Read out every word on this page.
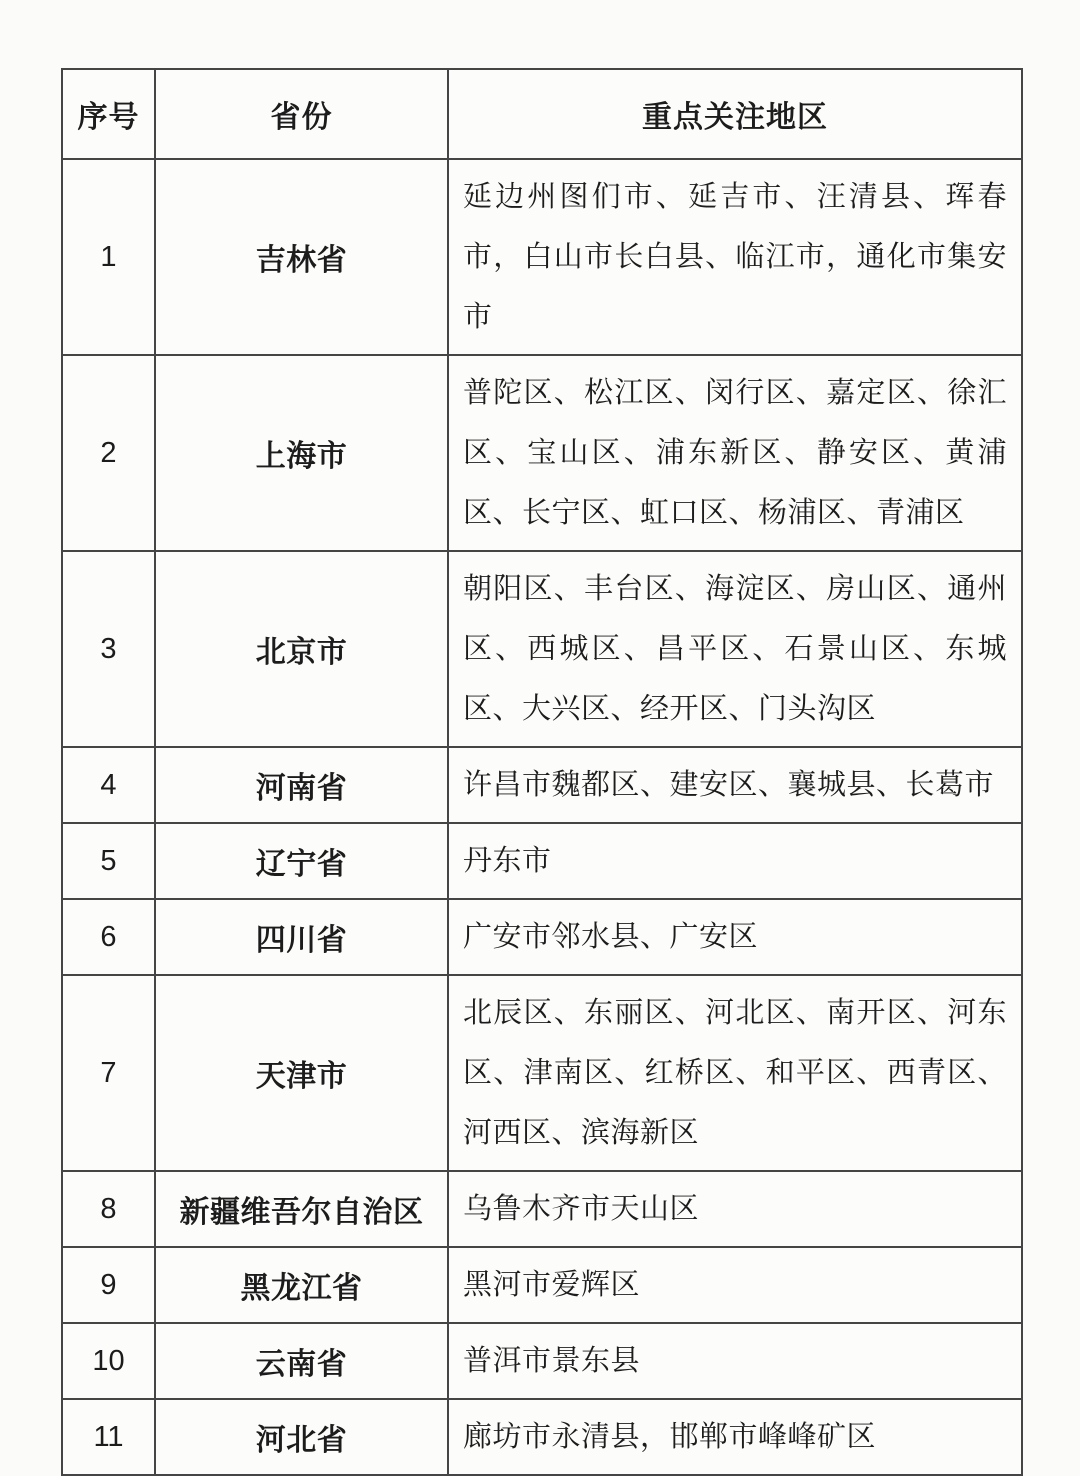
序号	省份	重点关注地区
1	吉林省	延边州图们市、延吉市、汪清县、珲春市，白山市长白县、临江市，通化市集安市
2	上海市	普陀区、松江区、闵行区、嘉定区、徐汇区、宝山区、浦东新区、静安区、黄浦区、长宁区、虹口区、杨浦区、青浦区
3	北京市	朝阳区、丰台区、海淀区、房山区、通州区、西城区、昌平区、石景山区、东城区、大兴区、经开区、门头沟区
4	河南省	许昌市魏都区、建安区、襄城县、长葛市
5	辽宁省	丹东市
6	四川省	广安市邻水县、广安区
7	天津市	北辰区、东丽区、河北区、南开区、河东区、津南区、红桥区、和平区、西青区、河西区、滨海新区
8	新疆维吾尔自治区	乌鲁木齐市天山区
9	黑龙江省	黑河市爱辉区
10	云南省	普洱市景东县
11	河北省	廊坊市永清县，邯郸市峰峰矿区
